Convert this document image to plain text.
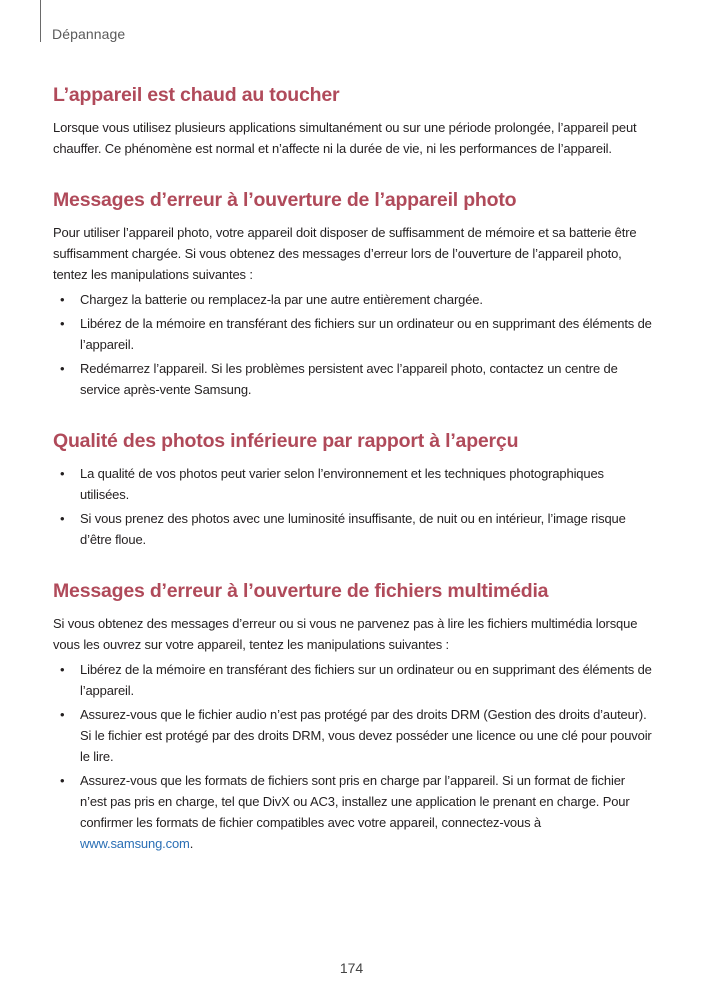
Dépannage
L’appareil est chaud au toucher

Lorsque vous utilisez plusieurs applications simultanément ou sur une période prolongée, l’appareil peut chauffer. Ce phénomène est normal et n’affecte ni la durée de vie, ni les performances de l’appareil.

Messages d’erreur à l’ouverture de l’appareil photo

Pour utiliser l’appareil photo, votre appareil doit disposer de suffisamment de mémoire et sa batterie être suffisamment chargée. Si vous obtenez des messages d’erreur lors de l’ouverture de l’appareil photo, tentez les manipulations suivantes :

• Chargez la batterie ou remplacez-la par une autre entièrement chargée.
• Libérez de la mémoire en transférant des fichiers sur un ordinateur ou en supprimant des éléments de l’appareil.
• Redémarrez l’appareil. Si les problèmes persistent avec l’appareil photo, contactez un centre de service après-vente Samsung.
Qualité des photos inférieure par rapport à l’aperçu
• La qualité de vos photos peut varier selon l’environnement et les techniques photographiques utilisées.
• Si vous prenez des photos avec une luminosité insuffisante, de nuit ou en intérieur, l’image risque d’être floue.
Messages d’erreur à l’ouverture de fichiers multimédia

Si vous obtenez des messages d’erreur ou si vous ne parvenez pas à lire les fichiers multimédia lorsque vous les ouvrez sur votre appareil, tentez les manipulations suivantes :

• Libérez de la mémoire en transférant des fichiers sur un ordinateur ou en supprimant des éléments de l’appareil.
• Assurez-vous que le fichier audio n’est pas protégé par des droits DRM (Gestion des droits d’auteur). Si le fichier est protégé par des droits DRM, vous devez posséder une licence ou une clé pour pouvoir le lire.
• Assurez-vous que les formats de fichiers sont pris en charge par l’appareil. Si un format de fichier n’est pas pris en charge, tel que DivX ou AC3, installez une application le prenant en charge. Pour confirmer les formats de fichier compatibles avec votre appareil, connectez-vous à www.samsung.com.
174
